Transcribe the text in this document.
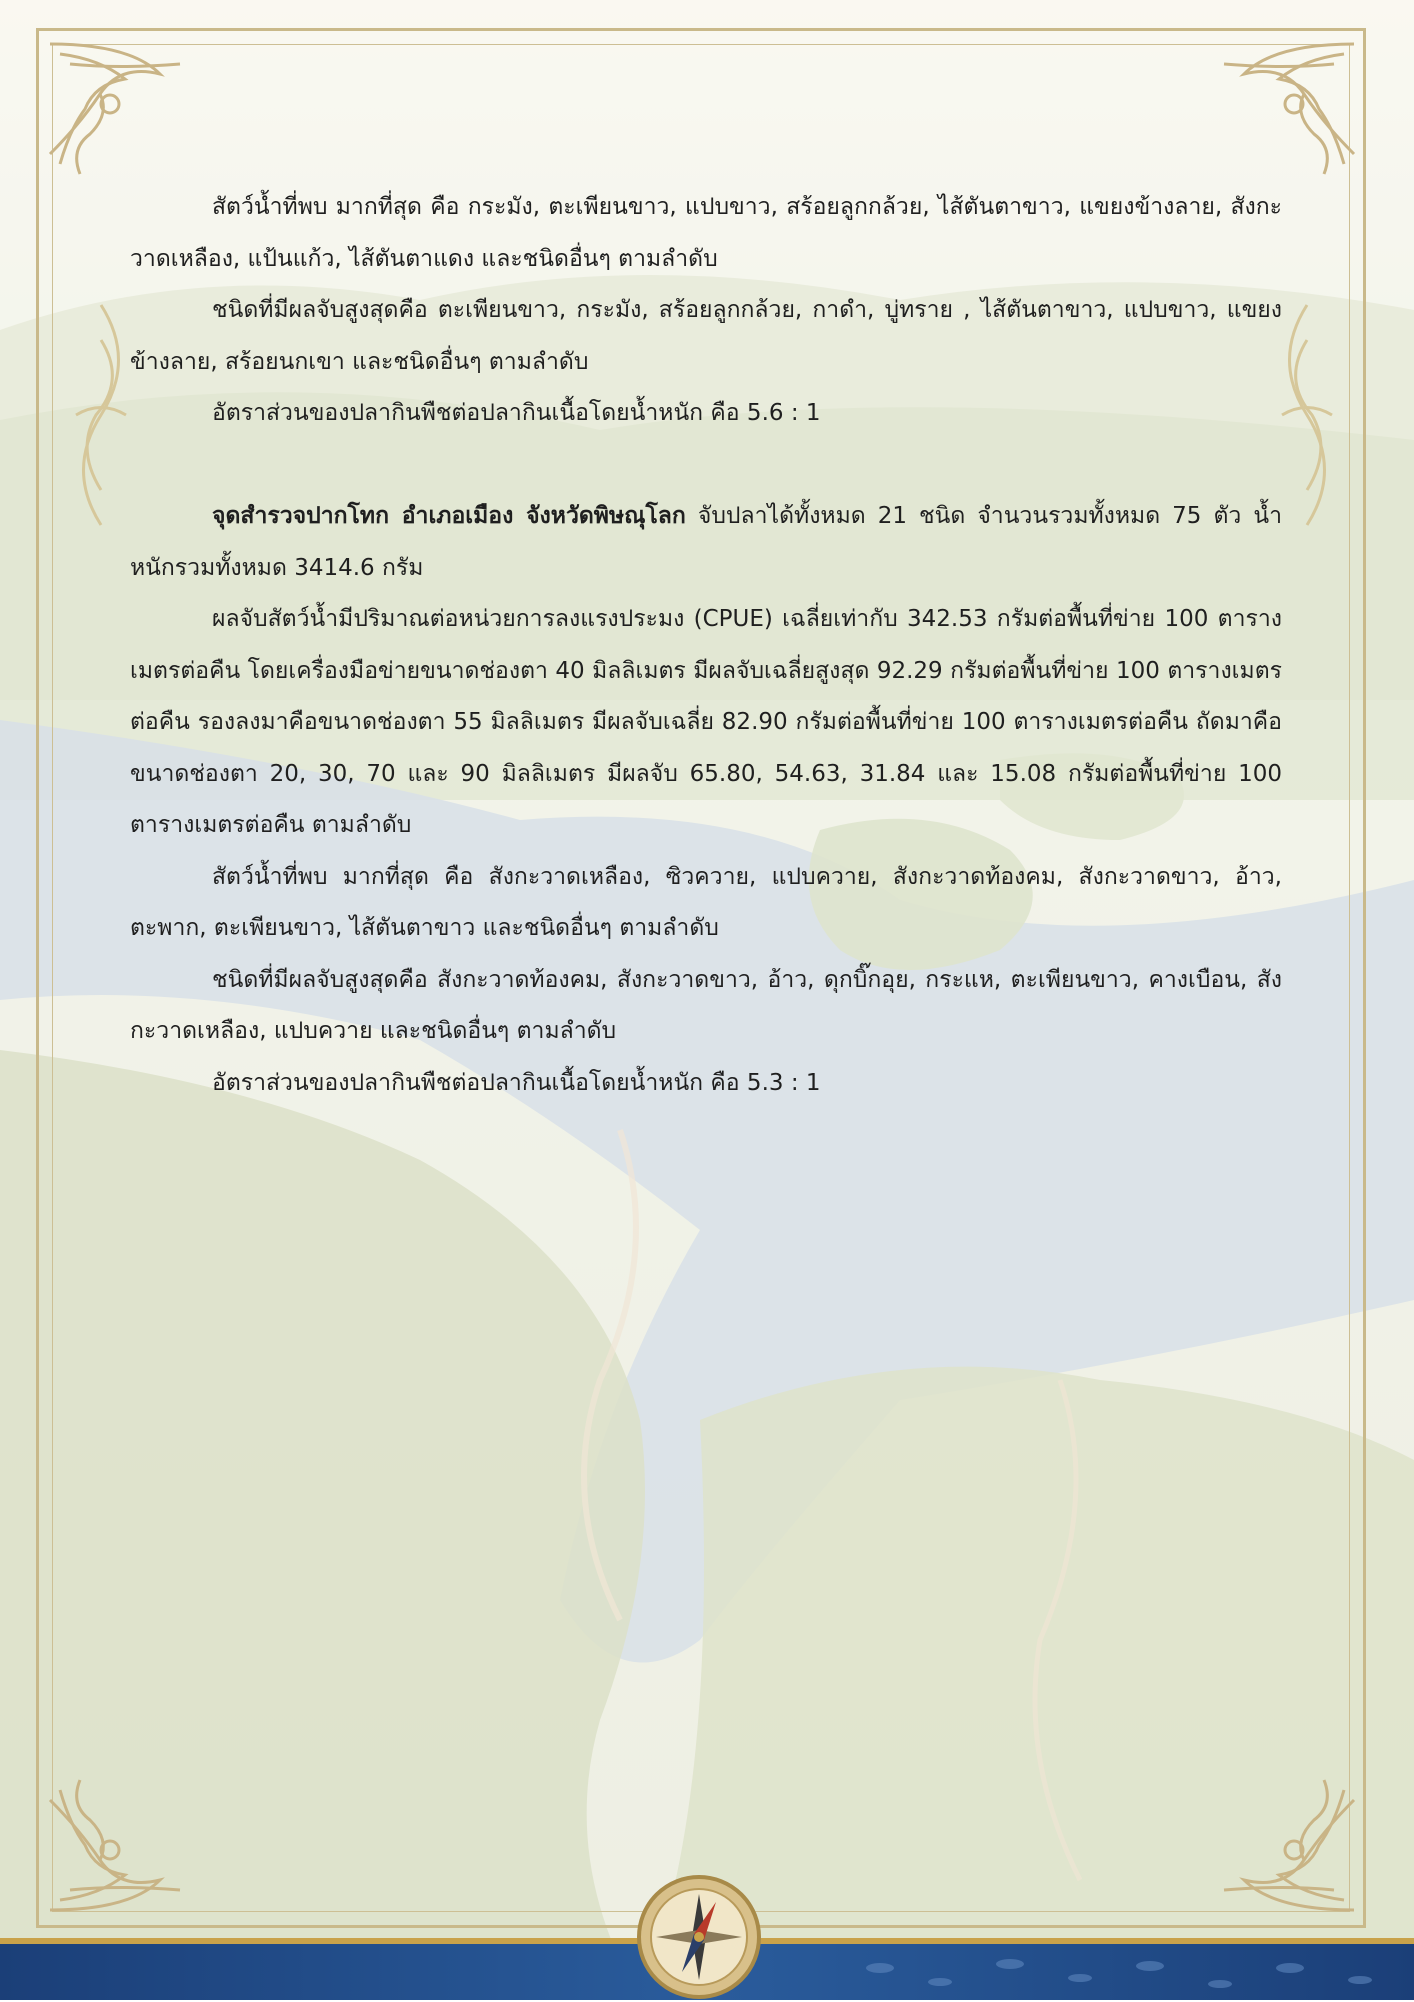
สัตว์น้ำที่พบ มากที่สุด คือ กระมัง, ตะเพียนขาว, แปบขาว, สร้อยลูกกล้วย, ไส้ตันตาขาว, แขยงข้างลาย, สังกะวาดเหลือง, แป้นแก้ว, ไส้ตันตาแดง และชนิดอื่นๆ ตามลำดับ

ชนิดที่มีผลจับสูงสุดคือ ตะเพียนขาว, กระมัง, สร้อยลูกกล้วย, กาดำ, บู่ทราย , ไส้ตันตาขาว, แปบขาว, แขยงข้างลาย, สร้อยนกเขา และชนิดอื่นๆ ตามลำดับ

อัตราส่วนของปลากินพืชต่อปลากินเนื้อโดยน้ำหนัก คือ 5.6 : 1

จุดสำรวจปากโทก อำเภอเมือง จังหวัดพิษณุโลก จับปลาได้ทั้งหมด 21 ชนิด จำนวนรวมทั้งหมด 75 ตัว น้ำหนักรวมทั้งหมด 3414.6 กรัม

ผลจับสัตว์น้ำมีปริมาณต่อหน่วยการลงแรงประมง (CPUE) เฉลี่ยเท่ากับ 342.53 กรัมต่อพื้นที่ข่าย 100 ตารางเมตรต่อคืน โดยเครื่องมือข่ายขนาดช่องตา 40 มิลลิเมตร มีผลจับเฉลี่ยสูงสุด 92.29 กรัมต่อพื้นที่ข่าย 100 ตารางเมตรต่อคืน รองลงมาคือขนาดช่องตา 55 มิลลิเมตร มีผลจับเฉลี่ย 82.90 กรัมต่อพื้นที่ข่าย 100 ตารางเมตรต่อคืน ถัดมาคือขนาดช่องตา 20, 30, 70 และ 90 มิลลิเมตร มีผลจับ 65.80, 54.63, 31.84 และ 15.08 กรัมต่อพื้นที่ข่าย 100 ตารางเมตรต่อคืน ตามลำดับ

สัตว์น้ำที่พบ มากที่สุด คือ สังกะวาดเหลือง, ซิวควาย, แปบควาย, สังกะวาดท้องคม, สังกะวาดขาว, อ้าว, ตะพาก, ตะเพียนขาว, ไส้ตันตาขาว และชนิดอื่นๆ ตามลำดับ

ชนิดที่มีผลจับสูงสุดคือ สังกะวาดท้องคม, สังกะวาดขาว, อ้าว, ดุกบิ๊กอุย, กระแห, ตะเพียนขาว, คางเบือน, สังกะวาดเหลือง, แปบควาย และชนิดอื่นๆ ตามลำดับ

อัตราส่วนของปลากินพืชต่อปลากินเนื้อโดยน้ำหนัก คือ 5.3 : 1
